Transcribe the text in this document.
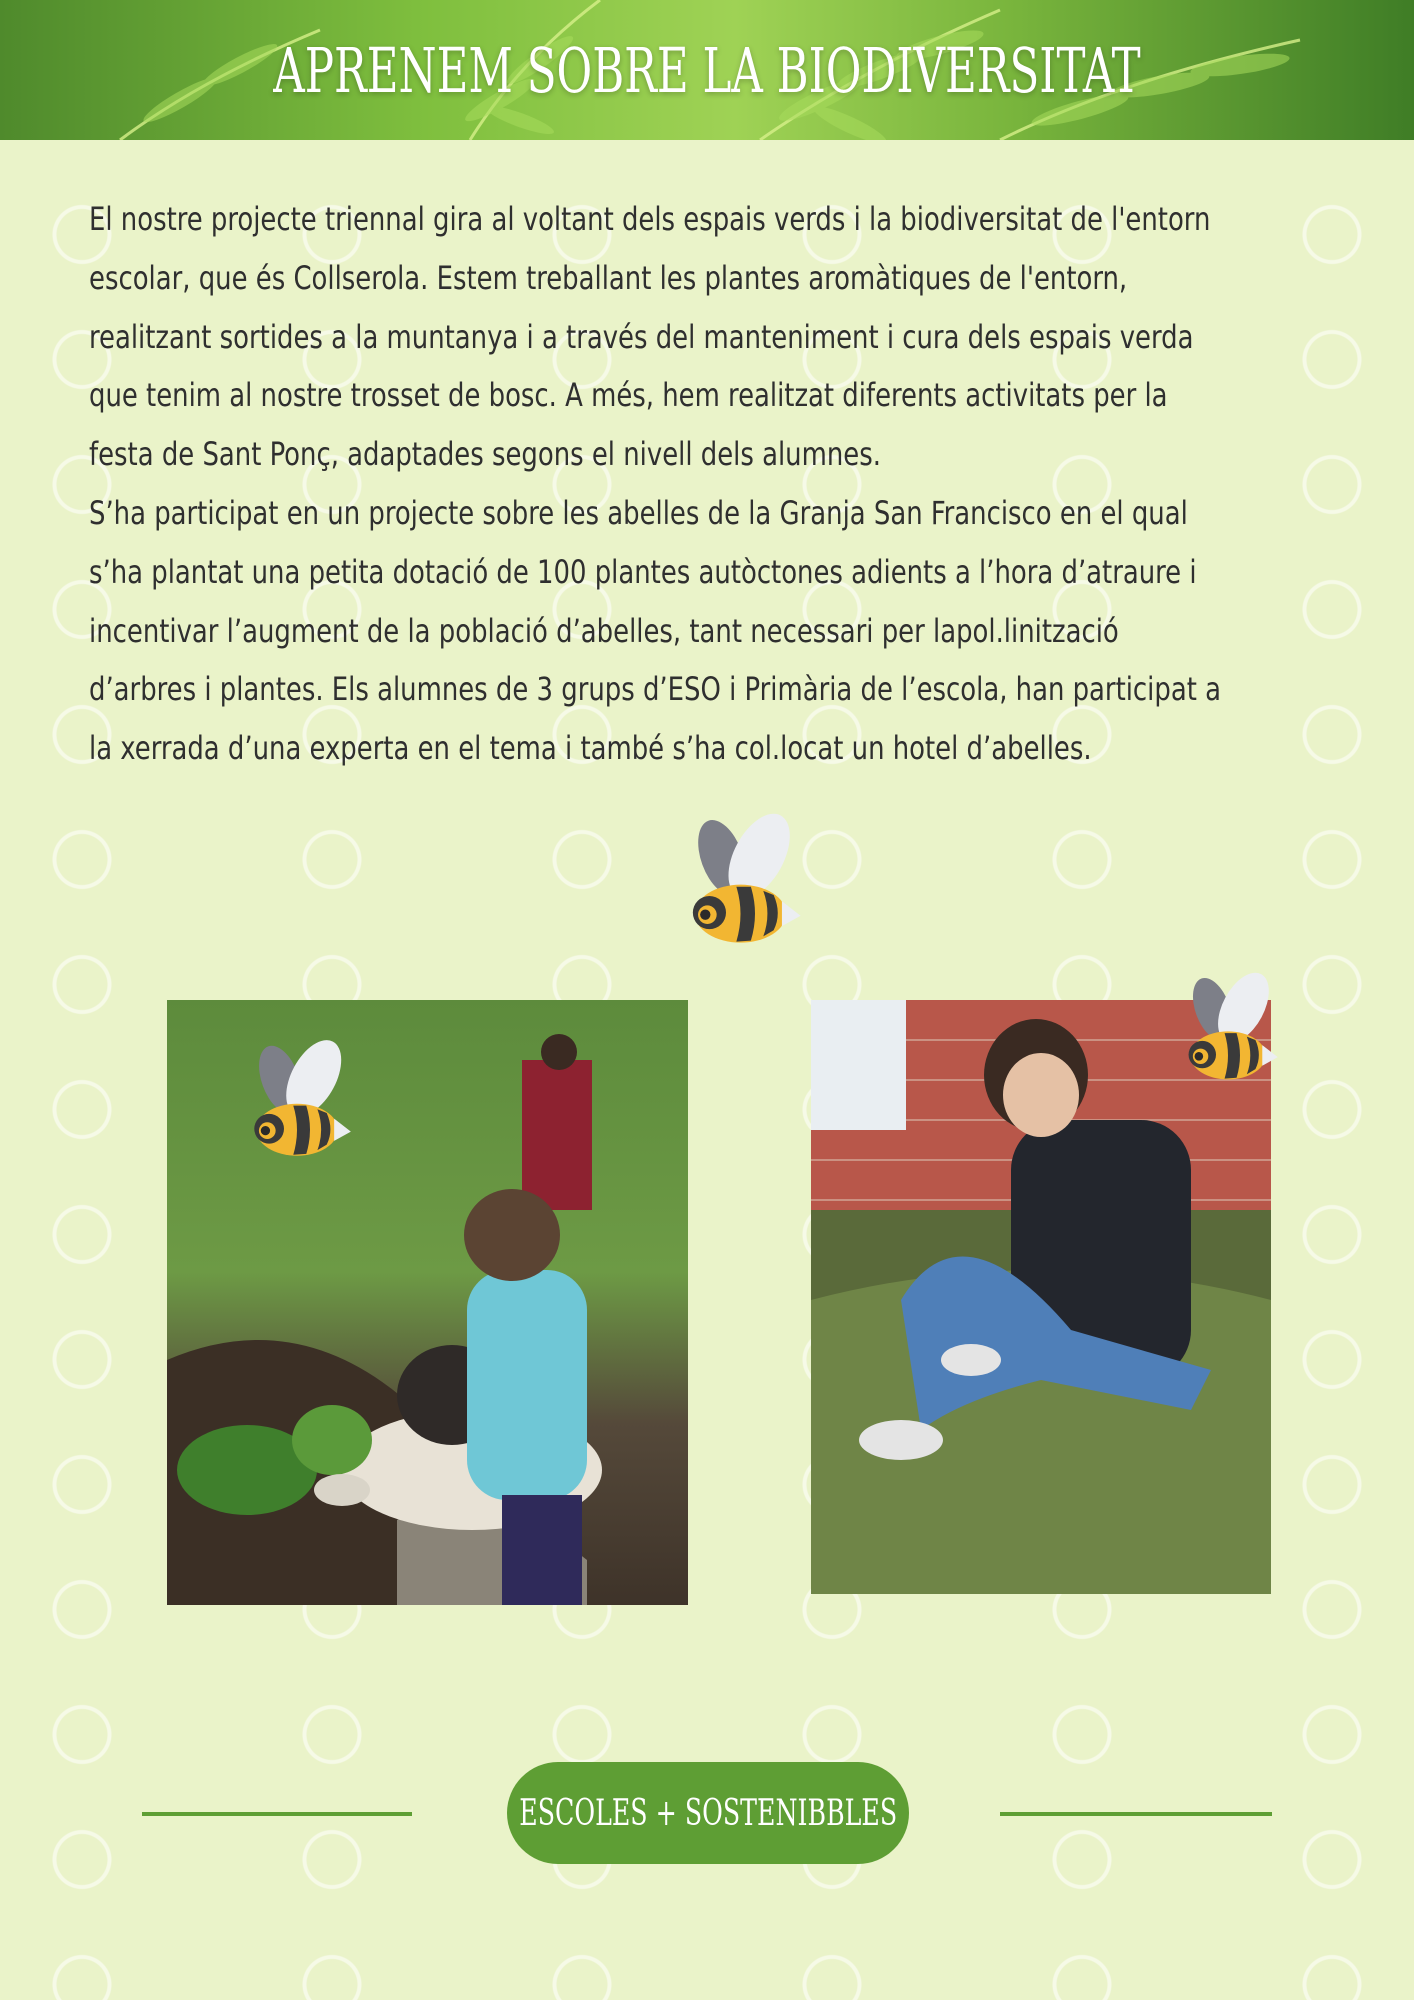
APRENEM SOBRE LA BIODIVERSITAT

El nostre projecte triennal gira al voltant dels espais verds i la biodiversitat de l'entorn escolar, que és Collserola. Estem treballant les plantes aromàtiques de l'entorn, realitzant sortides a la muntanya i a través del manteniment i cura dels espais verda que tenim al nostre trosset de bosc. A més, hem realitzat diferents activitats per la festa de Sant Ponç, adaptades segons el nivell dels alumnes.

S’ha participat en un projecte sobre les abelles de la Granja San Francisco en el qual s’ha plantat una petita dotació de 100 plantes autòctones adients a l’hora d’atraure i incentivar l’augment de la població d’abelles, tant necessari per lapol.linització d’arbres i plantes. Els alumnes de 3 grups d’ESO i Primària de l’escola, han participat a la xerrada d’una experta en el tema i també s’ha col.locat un hotel d’abelles.

ESCOLES + SOSTENIBBLES
